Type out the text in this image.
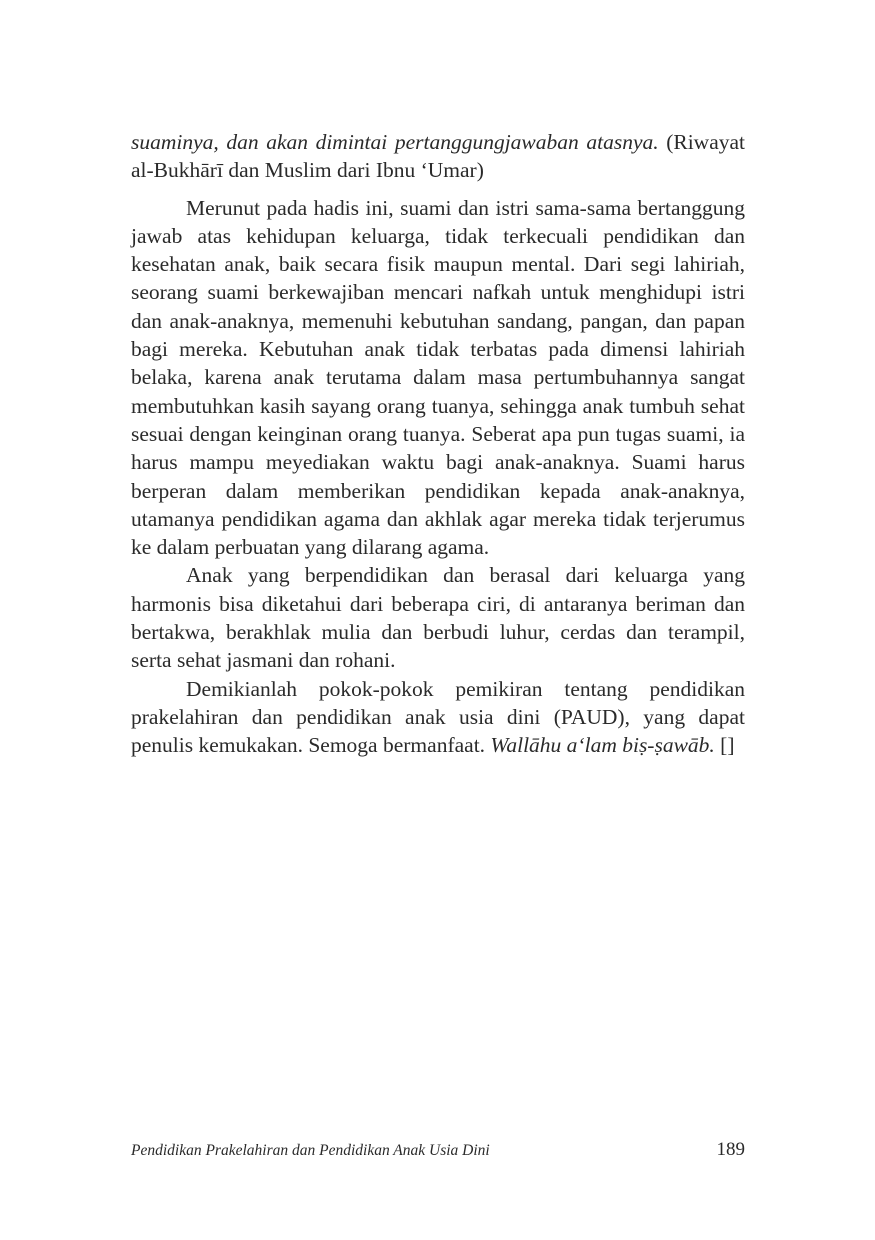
suaminya, dan akan dimintai pertanggungjawaban atasnya. (Riwayat al-Bukhārī dan Muslim dari Ibnu ‘Umar)

Merunut pada hadis ini, suami dan istri sama-sama bertanggung jawab atas kehidupan keluarga, tidak terkecuali pendidikan dan kesehatan anak, baik secara fisik maupun mental. Dari segi lahiriah, seorang suami berkewajiban mencari nafkah untuk menghidupi istri dan anak-anaknya, memenuhi kebutuhan sandang, pangan, dan papan bagi mereka. Kebutuhan anak tidak terbatas pada dimensi lahiriah belaka, karena anak terutama dalam masa pertumbuhannya sangat membutuhkan kasih sayang orang tuanya, sehingga anak tumbuh sehat sesuai dengan keinginan orang tuanya. Seberat apa pun tugas suami, ia harus mampu meyediakan waktu bagi anak-anaknya. Suami harus berperan dalam memberikan pendidikan kepada anak-anaknya, utamanya pendidikan agama dan akhlak agar mereka tidak terjerumus ke dalam perbuatan yang dilarang agama.

Anak yang berpendidikan dan berasal dari keluarga yang harmonis bisa diketahui dari beberapa ciri, di antaranya beriman dan bertakwa, berakhlak mulia dan berbudi luhur, cerdas dan terampil, serta sehat jasmani dan rohani.

Demikianlah pokok-pokok pemikiran tentang pendidikan prakelahiran dan pendidikan anak usia dini (PAUD), yang dapat penulis kemukakan. Semoga bermanfaat. Wallāhu a‘lam biṣ-ṣawāb. []

Pendidikan Prakelahiran dan Pendidikan Anak Usia Dini	189
